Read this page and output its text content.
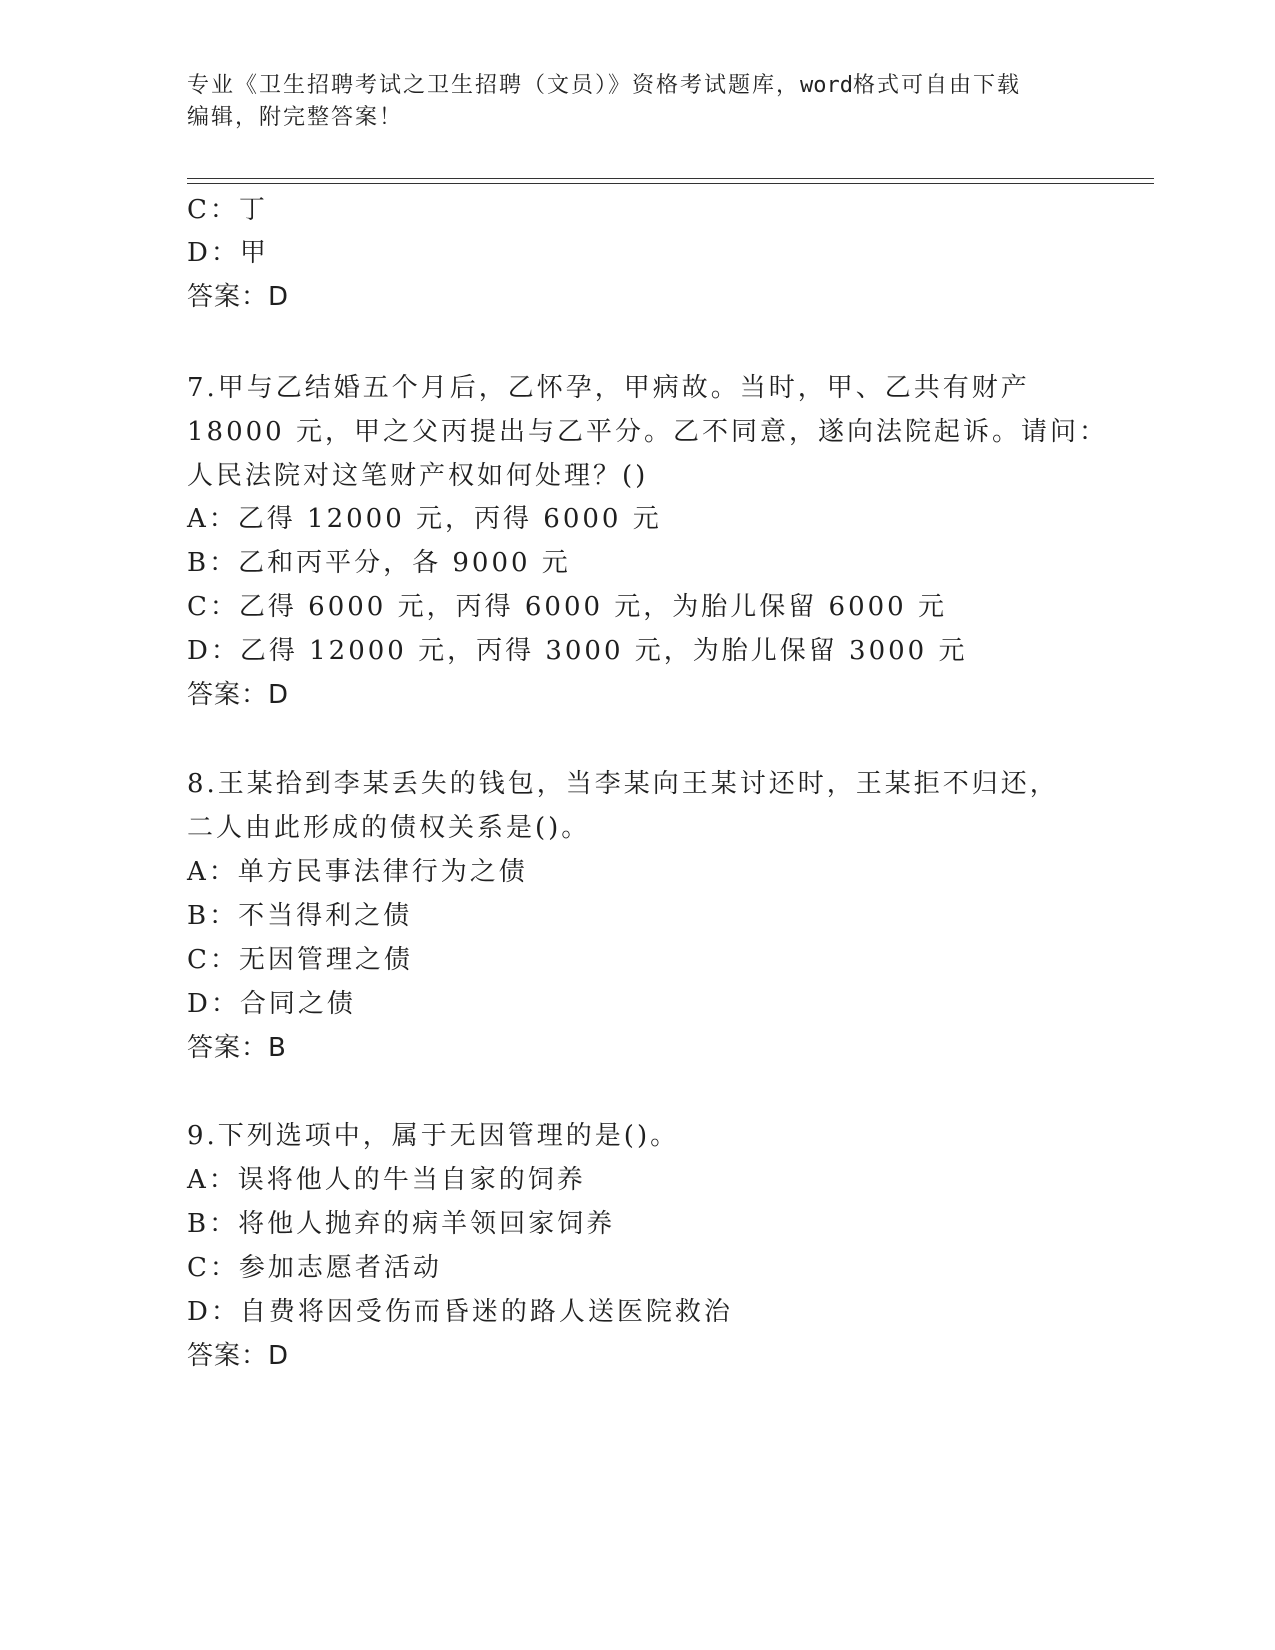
专业《卫生招聘考试之卫生招聘（文员）》资格考试题库，word格式可自由下载
编辑，附完整答案！
C：丁
D：甲
答案：D
7.甲与乙结婚五个月后，乙怀孕，甲病故。当时，甲、乙共有财产
18000 元，甲之父丙提出与乙平分。乙不同意，遂向法院起诉。请问：
人民法院对这笔财产权如何处理？()
A：乙得 12000 元，丙得 6000 元
B：乙和丙平分，各 9000 元
C：乙得 6000 元，丙得 6000 元，为胎儿保留 6000 元
D：乙得 12000 元，丙得 3000 元，为胎儿保留 3000 元
答案：D
8.王某拾到李某丢失的钱包，当李某向王某讨还时，王某拒不归还，
二人由此形成的债权关系是()。
A：单方民事法律行为之债
B：不当得利之债
C：无因管理之债
D：合同之债
答案：B
9.下列选项中，属于无因管理的是()。
A：误将他人的牛当自家的饲养
B：将他人抛弃的病羊领回家饲养
C：参加志愿者活动
D：自费将因受伤而昏迷的路人送医院救治
答案：D
